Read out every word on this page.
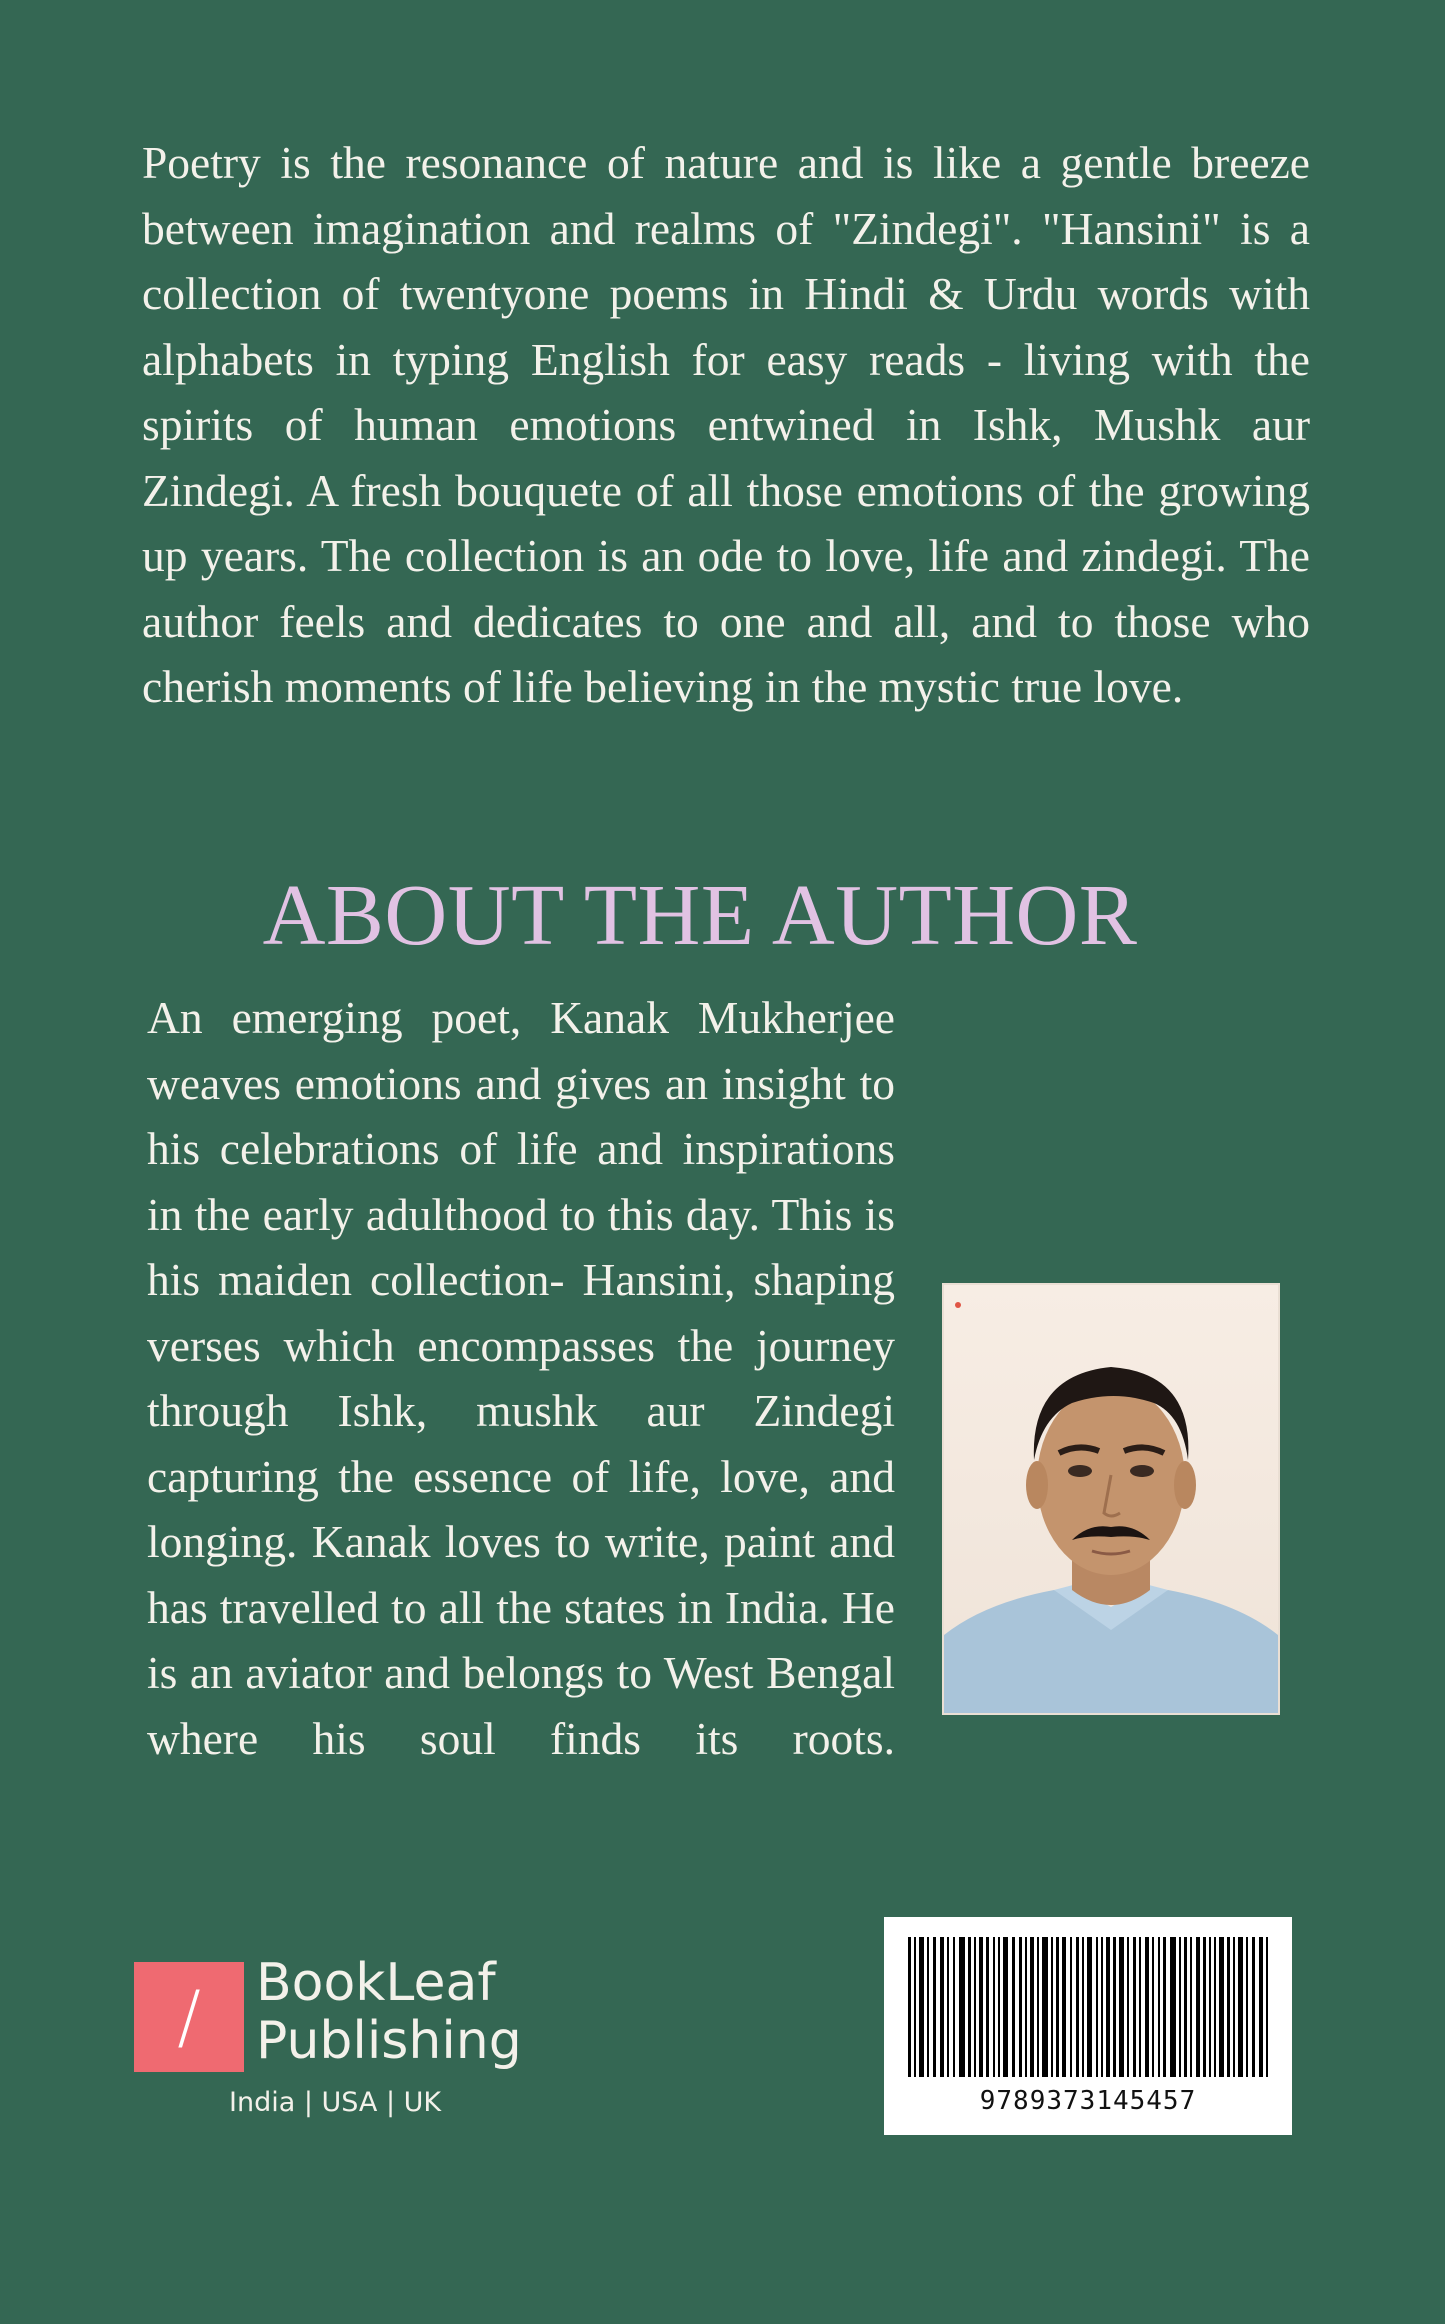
Poetry is the resonance of nature and is like a gentle breeze between imagination and realms of "Zindegi". "Hansini" is a collection of twentyone poems in Hindi & Urdu words with alphabets in typing English for easy reads - living with the spirits of human emotions entwined in Ishk, Mushk aur Zindegi. A fresh bouquete of all those emotions of the growing up years. The collection is an ode to love, life and zindegi. The author feels and dedicates to one and all, and to those who cherish moments of life believing in the mystic true love.

ABOUT THE AUTHOR

An emerging poet, Kanak Mukherjee weaves emotions and gives an insight to his celebrations of life and inspirations in the early adulthood to this day. This is his maiden collection- Hansini, shaping verses which encompasses the journey through Ishk, mushk aur Zindegi capturing the essence of life, love, and longing. Kanak loves to write, paint and has travelled to all the states in India. He is an aviator and belongs to West Bengal where his soul finds its roots.

/	BookLeaf
Publishing
India | USA | UK	9789373145457
